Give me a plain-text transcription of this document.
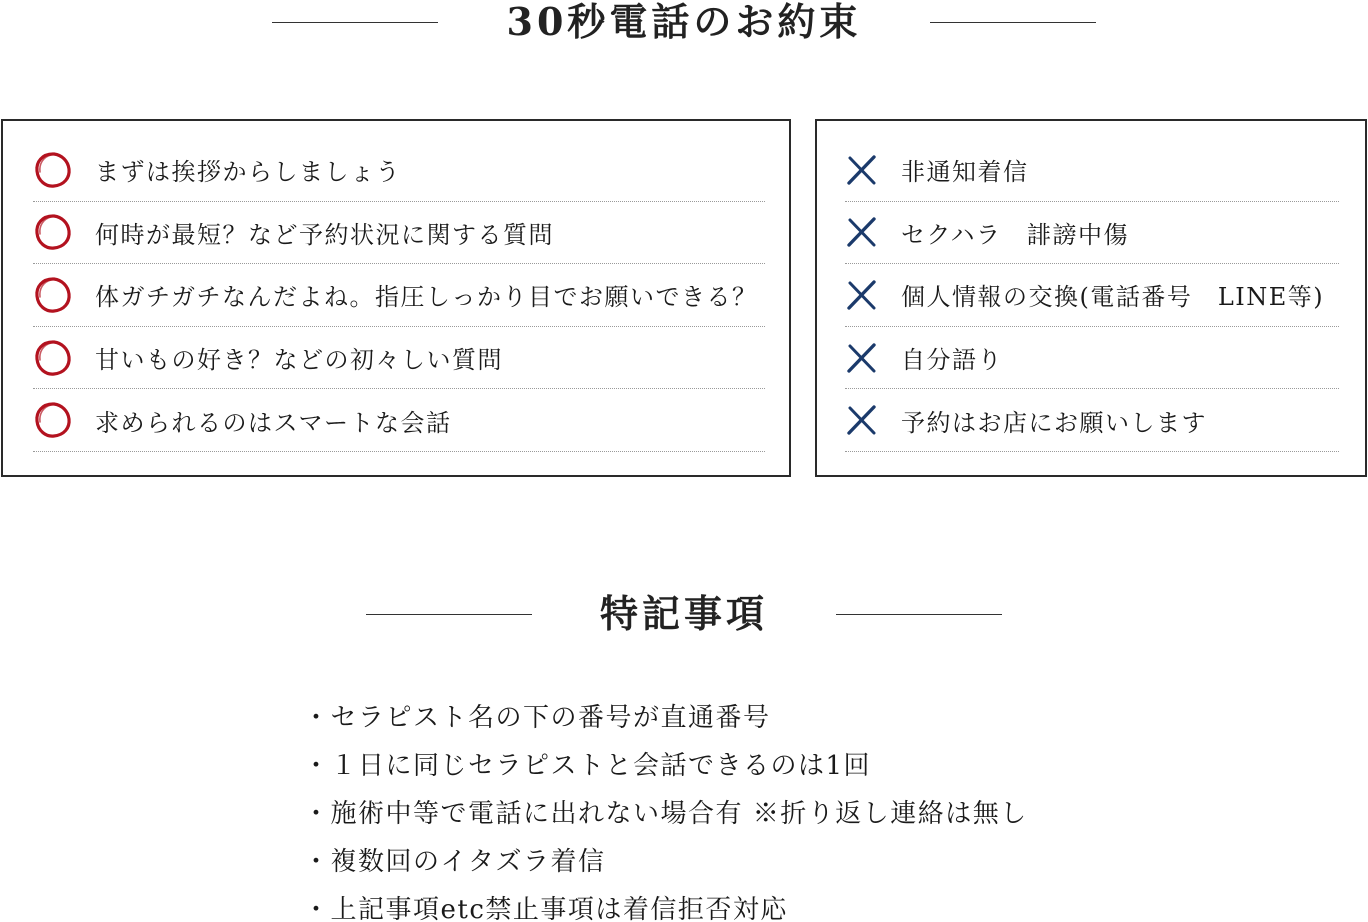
30秒電話のお約束
まずは挨拶からしましょう
何時が最短？など予約状況に関する質問
体ガチガチなんだよね。指圧しっかり目でお願いできる？
甘いもの好き？などの初々しい質問
求められるのはスマートな会話
非通知着信
セクハラ　誹謗中傷
個人情報の交換(電話番号　LINE等)
自分語り
予約はお店にお願いします
特記事項
・セラピスト名の下の番号が直通番号
・１日に同じセラピストと会話できるのは1回
・施術中等で電話に出れない場合有 ※折り返し連絡は無し
・複数回のイタズラ着信
・上記事項etc禁止事項は着信拒否対応
